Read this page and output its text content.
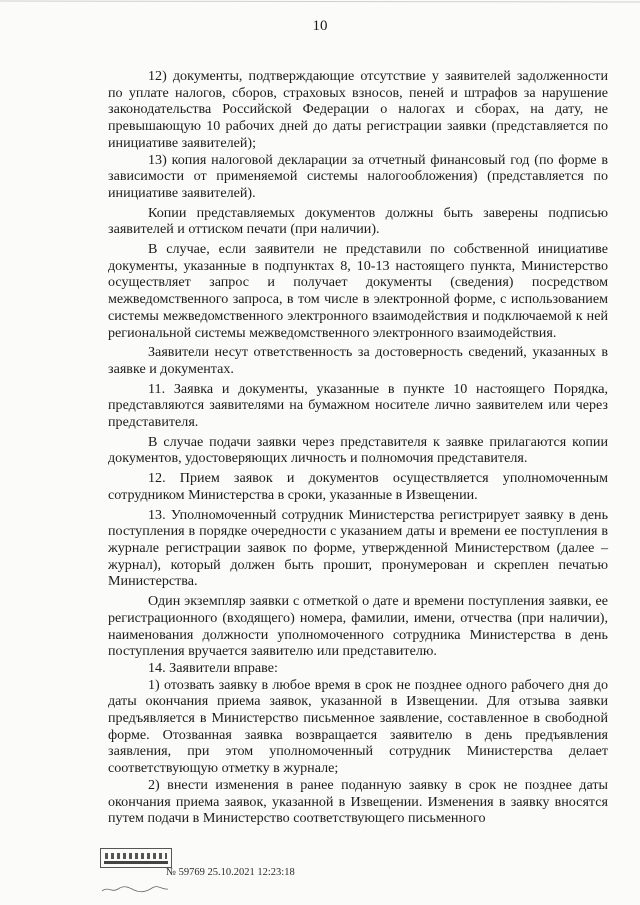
10

12) документы, подтверждающие отсутствие у заявителей задолженности по уплате налогов, сборов, страховых взносов, пеней и штрафов за нарушение законодательства Российской Федерации о налогах и сборах, на дату, не превышающую 10 рабочих дней до даты регистрации заявки (представляется по инициативе заявителей);

13) копия налоговой декларации за отчетный финансовый год (по форме в зависимости от применяемой системы налогообложения) (представляется по инициативе заявителей).

Копии представляемых документов должны быть заверены подписью заявителей и оттиском печати (при наличии).

В случае, если заявители не представили по собственной инициативе документы, указанные в подпунктах 8, 10-13 настоящего пункта, Министерство осуществляет запрос и получает документы (сведения) посредством межведомственного запроса, в том числе в электронной форме, с использованием системы межведомственного электронного взаимодействия и подключаемой к ней региональной системы межведомственного электронного взаимодействия.

Заявители несут ответственность за достоверность сведений, указанных в заявке и документах.

11. Заявка и документы, указанные в пункте 10 настоящего Порядка, представляются заявителями на бумажном носителе лично заявителем или через представителя.

В случае подачи заявки через представителя к заявке прилагаются копии документов, удостоверяющих личность и полномочия представителя.

12. Прием заявок и документов осуществляется уполномоченным сотрудником Министерства в сроки, указанные в Извещении.

13. Уполномоченный сотрудник Министерства регистрирует заявку в день поступления в порядке очередности с указанием даты и времени ее поступления в журнале регистрации заявок по форме, утвержденной Министерством (далее – журнал), который должен быть прошит, пронумерован и скреплен печатью Министерства.

Один экземпляр заявки с отметкой о дате и времени поступления заявки, ее регистрационного (входящего) номера, фамилии, имени, отчества (при наличии), наименования должности уполномоченного сотрудника Министерства в день поступления вручается заявителю или представителю.

14. Заявители вправе:

1) отозвать заявку в любое время в срок не позднее одного рабочего дня до даты окончания приема заявок, указанной в Извещении. Для отзыва заявки предъявляется в Министерство письменное заявление, составленное в свободной форме. Отозванная заявка возвращается заявителю в день предъявления заявления, при этом уполномоченный сотрудник Министерства делает соответствующую отметку в журнале;

2) внести изменения в ранее поданную заявку в срок не позднее даты окончания приема заявок, указанной в Извещении. Изменения в заявку вносятся путем подачи в Министерство соответствующего письменного

№ 59769 25.10.2021 12:23:18
